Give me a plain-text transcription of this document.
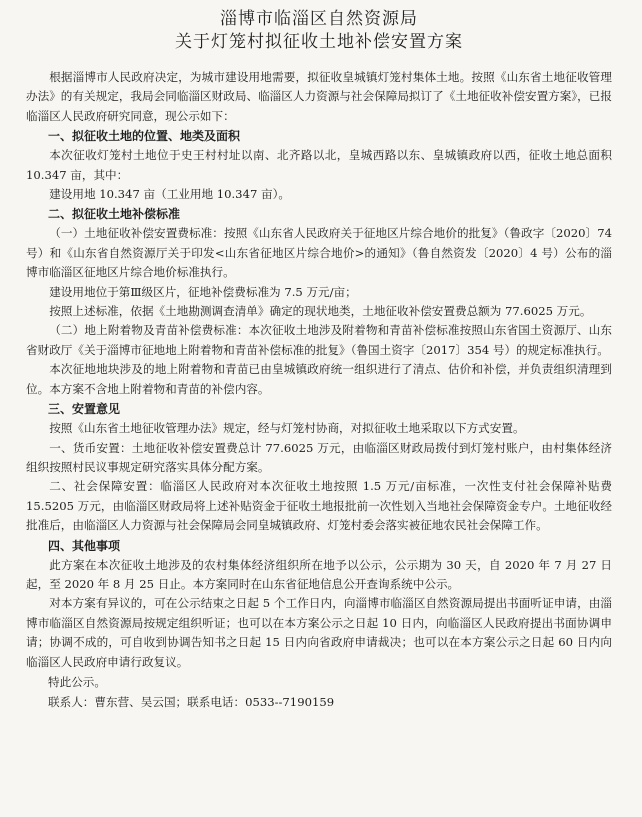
淄博市临淄区自然资源局
关于灯笼村拟征收土地补偿安置方案

根据淄博市人民政府决定，为城市建设用地需要，拟征收皇城镇灯笼村集体土地。按照《山东省土地征收管理办法》的有关规定，我局会同临淄区财政局、临淄区人力资源与社会保障局拟订了《土地征收补偿安置方案》，已报临淄区人民政府研究同意，现公示如下：

一、拟征收土地的位置、地类及面积

本次征收灯笼村土地位于史王村村址以南、北齐路以北，皇城西路以东、皇城镇政府以西，征收土地总面积 10.347 亩，其中：

建设用地 10.347 亩（工业用地 10.347 亩）。

二、拟征收土地补偿标准

（一）土地征收补偿安置费标准：按照《山东省人民政府关于征地区片综合地价的批复》（鲁政字〔2020〕74 号）和《山东省自然资源厅关于印发<山东省征地区片综合地价>的通知》（鲁自然资发〔2020〕4 号）公布的淄博市临淄区征地区片综合地价标准执行。

建设用地位于第Ⅲ级区片，征地补偿费标准为 7.5 万元/亩；

按照上述标准，依据《土地勘测调查清单》确定的现状地类，土地征收补偿安置费总额为 77.6025 万元。

（二）地上附着物及青苗补偿费标准：本次征收土地涉及附着物和青苗补偿标准按照山东省国土资源厅、山东省财政厅《关于淄博市征地地上附着物和青苗补偿标准的批复》（鲁国土资字〔2017〕354 号）的规定标准执行。

本次征地地块涉及的地上附着物和青苗已由皇城镇政府统一组织进行了清点、估价和补偿，并负责组织清理到位。本方案不含地上附着物和青苗的补偿内容。

三、安置意见

按照《山东省土地征收管理办法》规定，经与灯笼村协商，对拟征收土地采取以下方式安置。

一、货币安置：土地征收补偿安置费总计 77.6025 万元，由临淄区财政局拨付到灯笼村账户，由村集体经济组织按照村民议事规定研究落实具体分配方案。

二、社会保障安置：临淄区人民政府对本次征收土地按照 1.5 万元/亩标准，一次性支付社会保障补贴费 15.5205 万元，由临淄区财政局将上述补贴资金于征收土地报批前一次性划入当地社会保障资金专户。土地征收经批准后，由临淄区人力资源与社会保障局会同皇城镇政府、灯笼村委会落实被征地农民社会保障工作。

四、其他事项

此方案在本次征收土地涉及的农村集体经济组织所在地予以公示，公示期为 30 天，自 2020 年 7 月 27 日起，至 2020 年 8 月 25 日止。本方案同时在山东省征地信息公开查询系统中公示。

对本方案有异议的，可在公示结束之日起 5 个工作日内，向淄博市临淄区自然资源局提出书面听证申请，由淄博市临淄区自然资源局按规定组织听证；也可以在本方案公示之日起 10 日内，向临淄区人民政府提出书面协调申请；协调不成的，可自收到协调告知书之日起 15 日内向省政府申请裁决；也可以在本方案公示之日起 60 日内向临淄区人民政府申请行政复议。

特此公示。
联系人：曹东营、吴云国；联系电话：0533--7190159
